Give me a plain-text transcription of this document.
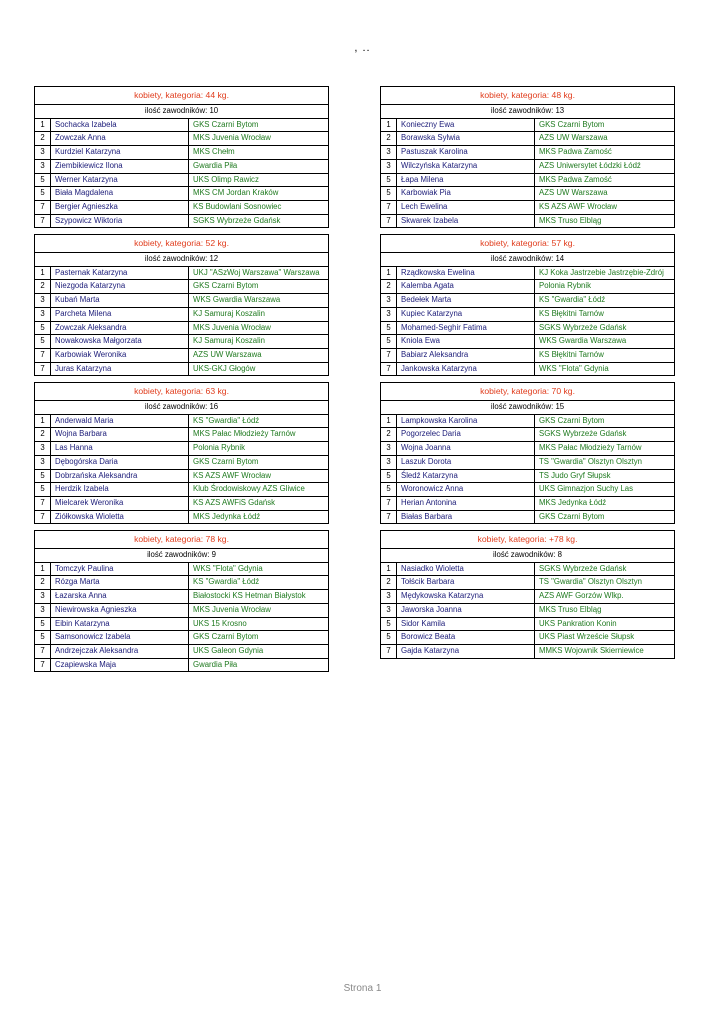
, ..
kobiety, kategoria: 44 kg.		
ilość zawodników: 10		
1	Sochacka Izabela	GKS Czarni Bytom
2	Zowczak Anna	MKS Juvenia Wrocław
3	Kurdziel Katarzyna	MKS Chełm
3	Ziembikiewicz Ilona	Gwardia Piła
5	Werner Katarzyna	UKS Olimp Rawicz
5	Biała Magdalena	MKS CM Jordan Kraków
7	Bergier Agnieszka	KS Budowlani Sosnowiec
7	Szypowicz Wiktoria	SGKS Wybrzeże Gdańsk
kobiety, kategoria: 48 kg.		
ilość zawodników: 13		
1	Konieczny Ewa	GKS Czarni Bytom
2	Borawska Sylwia	AZS UW Warszawa
3	Pastuszak Karolina	MKS Padwa Zamość
3	Wilczyńska Katarzyna	AZS Uniwersytet Łódzki Łódź
5	Łapa Milena	MKS Padwa Zamość
5	Karbowiak Pia	AZS UW Warszawa
7	Lech Ewelina	KS AZS AWF Wrocław
7	Skwarek Izabela	MKS Truso Elbląg
kobiety, kategoria: 52 kg.		
ilość zawodników: 12		
1	Pasternak Katarzyna	UKJ "ASzWoj Warszawa" Warszawa
2	Niezgoda Katarzyna	GKS Czarni Bytom
3	Kubań Marta	WKS Gwardia Warszawa
3	Parcheta Milena	KJ Samuraj Koszalin
5	Zowczak Aleksandra	MKS Juvenia Wrocław
5	Nowakowska Małgorzata	KJ Samuraj Koszalin
7	Karbowiak Weronika	AZS UW Warszawa
7	Juras Katarzyna	UKS-GKJ Głogów
kobiety, kategoria: 57 kg.		
ilość zawodników: 14		
1	Rządkowska Ewelina	KJ Koka Jastrzebie Jastrzębie-Zdrój
2	Kalemba Agata	Polonia Rybnik
3	Bedełek Marta	KS "Gwardia" Łódź
3	Kupiec Katarzyna	KS Błękitni Tarnów
5	Mohamed-Seghir Fatima	SGKS Wybrzeże Gdańsk
5	Kniola Ewa	WKS Gwardia Warszawa
7	Babiarz Aleksandra	KS Błękitni Tarnów
7	Jankowska Katarzyna	WKS "Flota" Gdynia
kobiety, kategoria: 63 kg.		
ilość zawodników: 16		
1	Anderwald Maria	KS "Gwardia" Łódź
2	Wojna Barbara	MKS Pałac Młodzieży Tarnów
3	Las Hanna	Polonia Rybnik
3	Dębogórska Daria	GKS Czarni Bytom
5	Dobrzańska Aleksandra	KS AZS AWF Wrocław
5	Herdzik Izabela	Klub Środowiskowy AZS Gliwice
7	Mielcarek Weronika	KS AZS AWFiS Gdańsk
7	Ziółkowska Wioletta	MKS Jedynka Łódź
kobiety, kategoria: 70 kg.		
ilość zawodników: 15		
1	Lampkowska Karolina	GKS Czarni Bytom
2	Pogorzelec Daria	SGKS Wybrzeże Gdańsk
3	Wojna Joanna	MKS Pałac Młodzieży Tarnów
3	Laszuk Dorota	TS "Gwardia" Olsztyn Olsztyn
5	Śledź Katarzyna	TS Judo Gryf Słupsk
5	Woronowicz Anna	UKS Gimnazjon Suchy Las
7	Herian Antonina	MKS Jedynka Łódź
7	Białas Barbara	GKS Czarni Bytom
kobiety, kategoria: 78 kg.		
ilość zawodników: 9		
1	Tomczyk Paulina	WKS "Flota" Gdynia
2	Rózga Marta	KS "Gwardia" Łódź
3	Łazarska Anna	Białostocki KS Hetman Białystok
3	Niewirowska Agnieszka	MKS Juvenia Wrocław
5	Eibin Katarzyna	UKS 15 Krosno
5	Samsonowicz Izabela	GKS Czarni Bytom
7	Andrzejczak Aleksandra	UKS Galeon Gdynia
7	Czapiewska Maja	Gwardia Piła
kobiety, kategoria: +78 kg.		
ilość zawodników: 8		
1	Nasiadko Wioletta	SGKS Wybrzeże Gdańsk
2	Tołścik Barbara	TS "Gwardia" Olsztyn Olsztyn
3	Mędykowska Katarzyna	AZS AWF Gorzów Wlkp.
3	Jaworska Joanna	MKS Truso Elbląg
5	Sidor Kamila	UKS Pankration Konin
5	Borowicz Beata	UKS Piast Wrzeście Słupsk
7	Gajda Katarzyna	MMKS Wojownik Skierniewice
Strona 1
